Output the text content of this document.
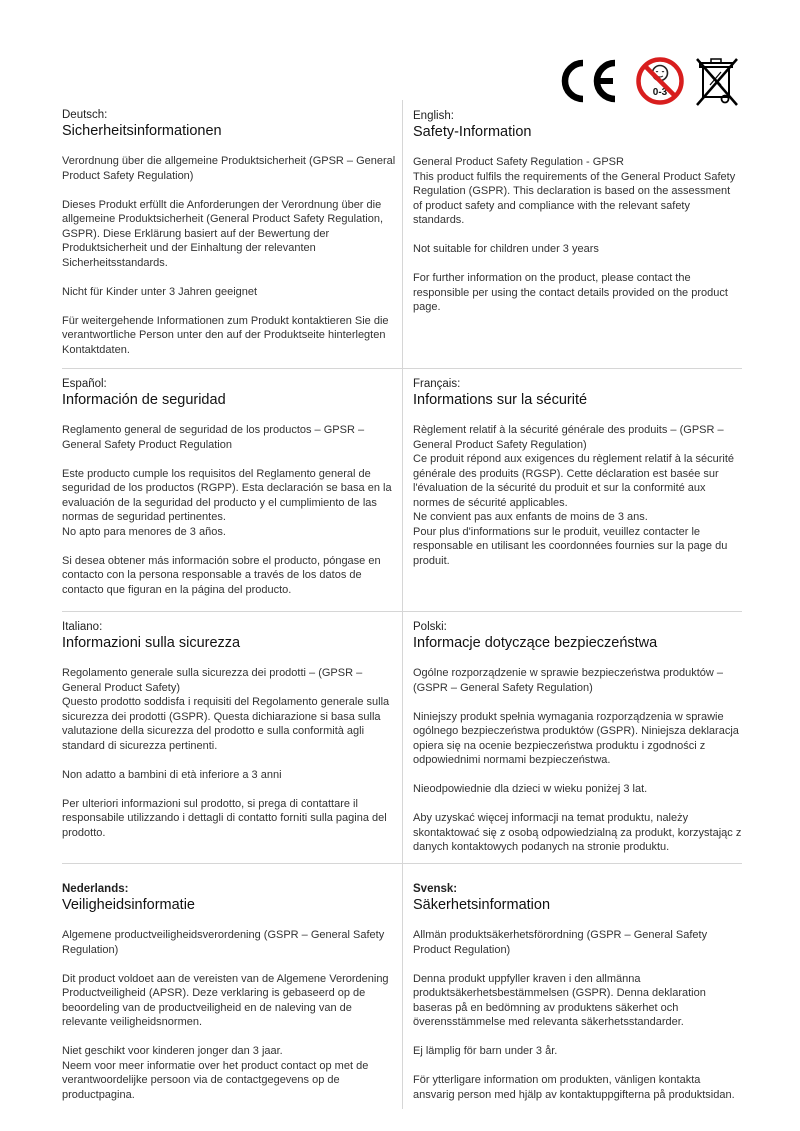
0-3
Deutsch:
Sicherheitsinformationen
Verordnung über die allgemeine Produktsicherheit (GPSR – General Product Safety Regulation)
Dieses Produkt erfüllt die Anforderungen der Verordnung über die allgemeine Produktsicherheit (General Product Safety Regulation, GSPR). Diese Erklärung basiert auf der Bewertung der Produktsicherheit und der Einhaltung der relevanten Sicherheitsstandards.
Nicht für Kinder unter 3 Jahren geeignet
Für weitergehende Informationen zum Produkt kontaktieren Sie die verantwortliche Person unter den auf der Produktseite hinterlegten Kontaktdaten.
English:
Safety-Information
General Product Safety Regulation - GPSR
This product fulfils the requirements of the General Product Safety Regulation (GSPR). This declaration is based on the assessment of product safety and compliance with the relevant safety standards.
Not suitable for children under 3 years
For further information on the product, please contact the responsible per using the contact details provided on the product page.
Español:
Información de seguridad
Reglamento general de seguridad de los productos – GPSR – General Safety Product Regulation
Este producto cumple los requisitos del Reglamento general de seguridad de los productos (RGPP). Esta declaración se basa en la evaluación de la seguridad del producto y el cumplimiento de las normas de seguridad pertinentes.
No apto para menores de 3 años.
Si desea obtener más información sobre el producto, póngase en contacto con la persona responsable a través de los datos de contacto que figuran en la página del producto.
Français:
Informations sur la sécurité
Règlement relatif à la sécurité générale des produits – (GPSR – General Product Safety Regulation)
Ce produit répond aux exigences du règlement relatif à la sécurité générale des produits (RGSP). Cette déclaration est basée sur l'évaluation de la sécurité du produit et sur la conformité aux normes de sécurité applicables.
Ne convient pas aux enfants de moins de 3 ans.
Pour plus d'informations sur le produit, veuillez contacter le responsable en utilisant les coordonnées fournies sur la page du produit.
Italiano:
Informazioni sulla sicurezza
Regolamento generale sulla sicurezza dei prodotti – (GPSR – General Product Safety)
Questo prodotto soddisfa i requisiti del Regolamento generale sulla sicurezza dei prodotti (GSPR). Questa dichiarazione si basa sulla valutazione della sicurezza del prodotto e sulla conformità agli standard di sicurezza pertinenti.
Non adatto a bambini di età inferiore a 3 anni
Per ulteriori informazioni sul prodotto, si prega di contattare il responsabile utilizzando i dettagli di contatto forniti sulla pagina del prodotto.
Polski:
Informacje dotyczące bezpieczeństwa
Ogólne rozporządzenie w sprawie bezpieczeństwa produktów – (GSPR – General Safety Regulation)
Niniejszy produkt spełnia wymagania rozporządzenia w sprawie ogólnego bezpieczeństwa produktów (GSPR). Niniejsza deklaracja opiera się na ocenie bezpieczeństwa produktu i zgodności z odpowiednimi normami bezpieczeństwa.
Nieodpowiednie dla dzieci w wieku poniżej 3 lat.
Aby uzyskać więcej informacji na temat produktu, należy skontaktować się z osobą odpowiedzialną za produkt, korzystając z danych kontaktowych podanych na stronie produktu.
Nederlands:
Veiligheidsinformatie
Algemene productveiligheidsverordening (GSPR – General Safety Regulation)
Dit product voldoet aan de vereisten van de Algemene Verordening Productveiligheid (APSR). Deze verklaring is gebaseerd op de beoordeling van de productveiligheid en de naleving van de relevante veiligheidsnormen.
Niet geschikt voor kinderen jonger dan 3 jaar.
Neem voor meer informatie over het product contact op met de verantwoordelijke persoon via de contactgegevens op de productpagina.
Svensk:
Säkerhetsinformation
Allmän produktsäkerhetsförordning (GSPR – General Safety Product Regulation)
Denna produkt uppfyller kraven i den allmänna produktsäkerhetsbestämmelsen (GSPR). Denna deklaration baseras på en bedömning av produktens säkerhet och överensstämmelse med relevanta säkerhetsstandarder.
Ej lämplig för barn under 3 år.
För ytterligare information om produkten, vänligen kontakta ansvarig person med hjälp av kontaktuppgifterna på produktsidan.
